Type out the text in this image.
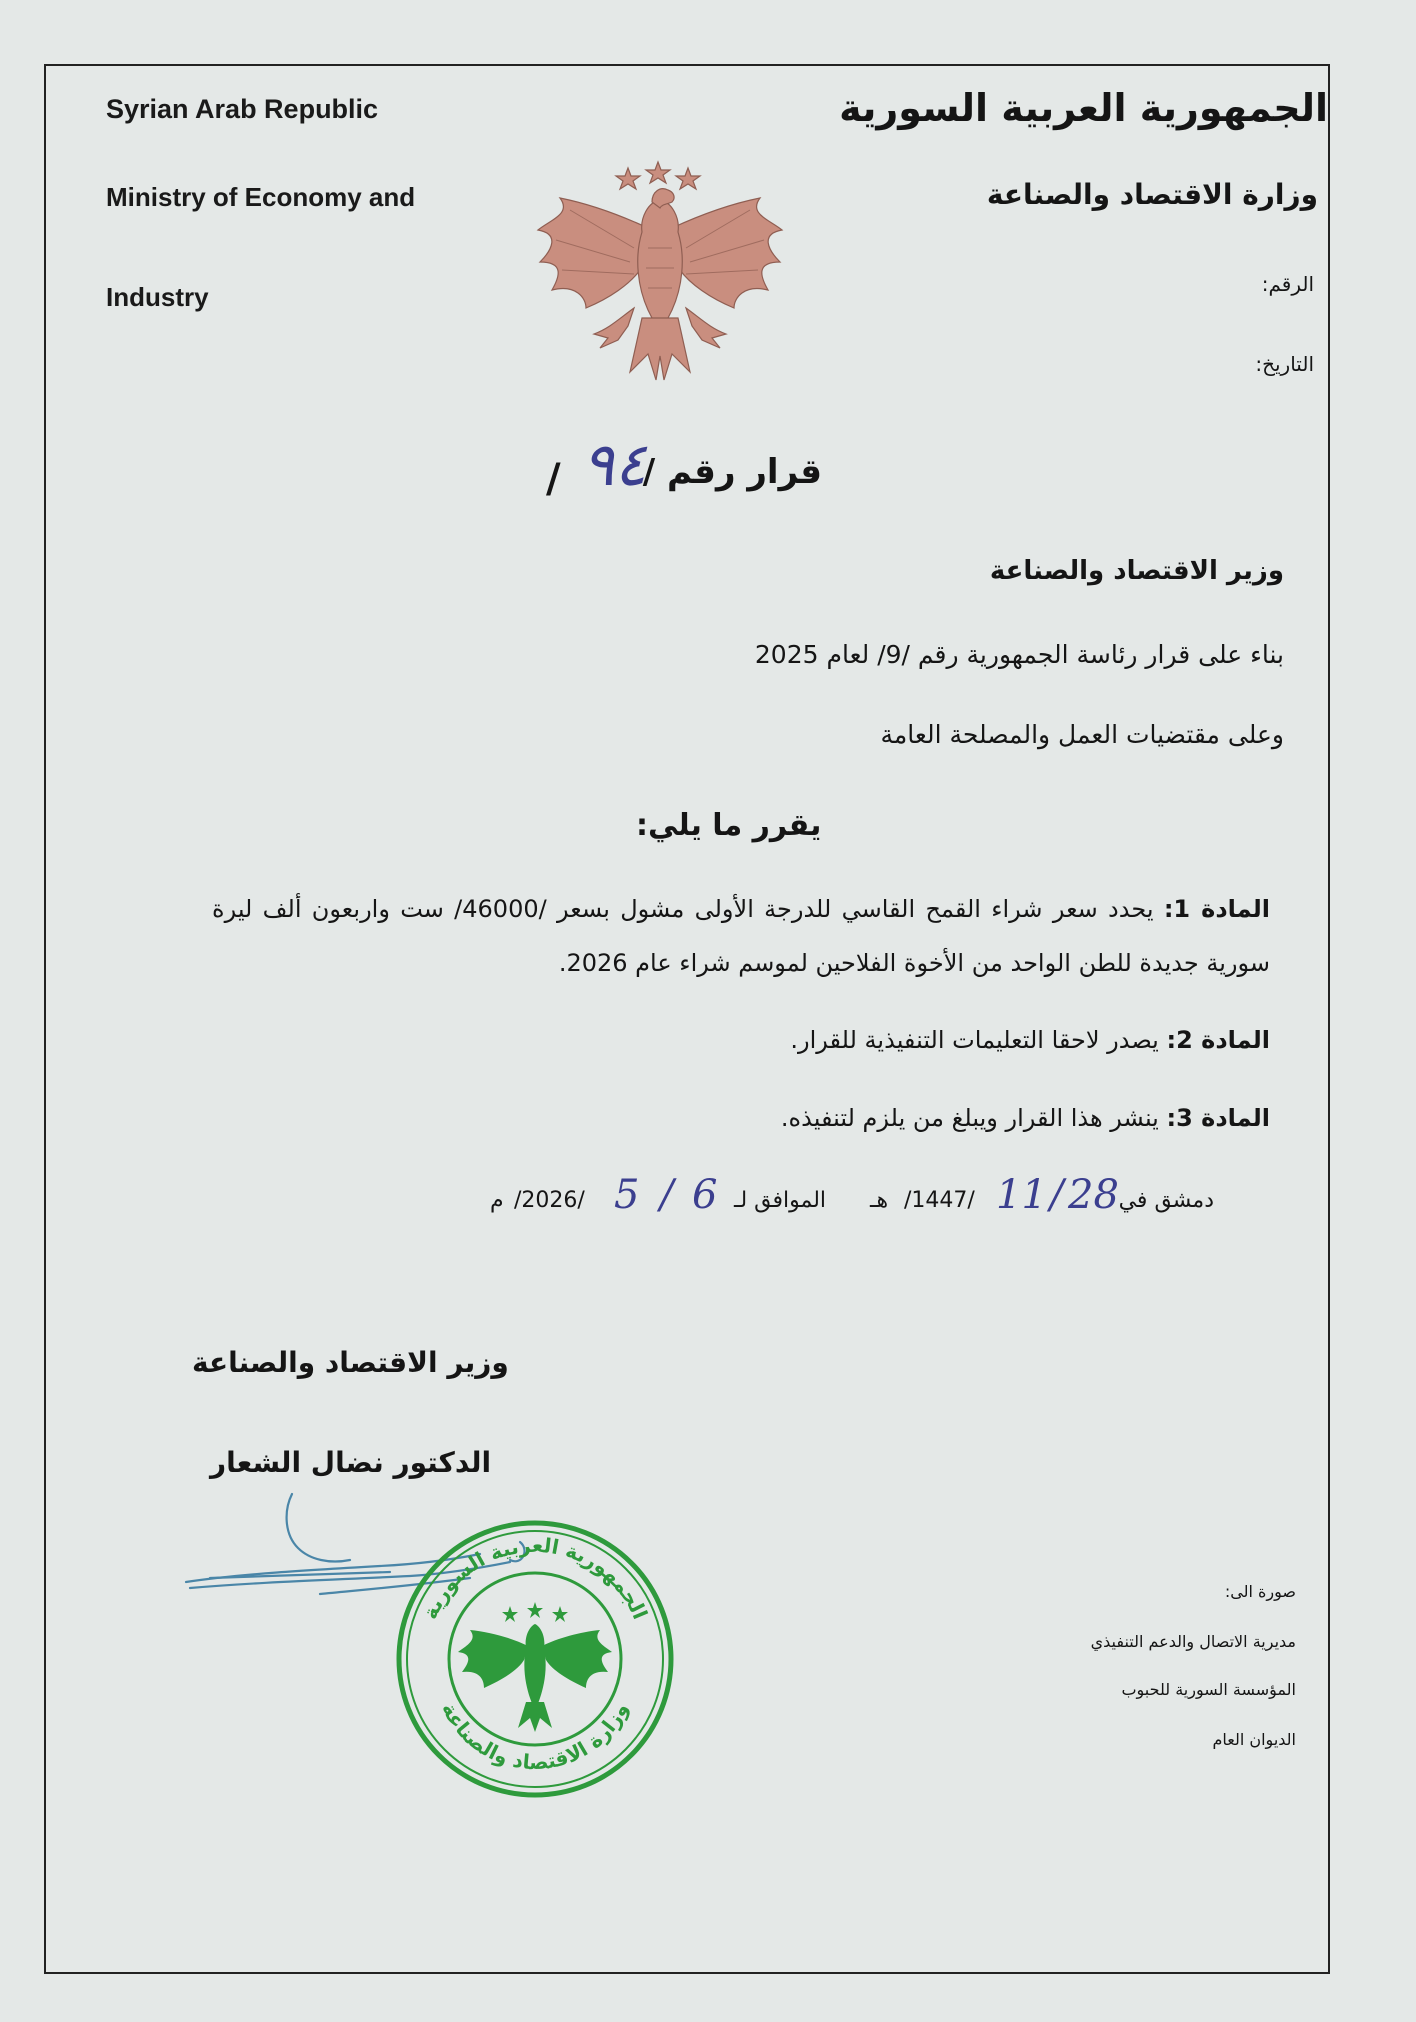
Syrian Arab Republic
Ministry of Economy and
Industry
الجمهورية العربية السورية
وزارة الاقتصاد والصناعة
الرقم:
التاريخ:
قرار رقم /
٩٤
/
وزير الاقتصاد والصناعة
بناء على قرار رئاسة الجمهورية رقم /9/ لعام 2025
وعلى مقتضيات العمل والمصلحة العامة
يقرر ما يلي:
المادة 1: يحدد سعر شراء القمح القاسي للدرجة الأولى مشول بسعر /46000/ ست واربعون ألف ليرة سورية جديدة للطن الواحد من الأخوة الفلاحين لموسم شراء عام 2026.
المادة 2: يصدر لاحقا التعليمات التنفيذية للقرار.
المادة 3: ينشر هذا القرار ويبلغ من يلزم لتنفيذه.
دمشق في
28
/
11
/1447/
هـ
الموافق لـ
6
/
5
/2026/
م
وزير الاقتصاد والصناعة
الدكتور نضال الشعار
الجمهورية العربية السورية
وزارة الاقتصاد والصناعة
صورة الى:
مديرية الاتصال والدعم التنفيذي
المؤسسة السورية للحبوب
الديوان العام
